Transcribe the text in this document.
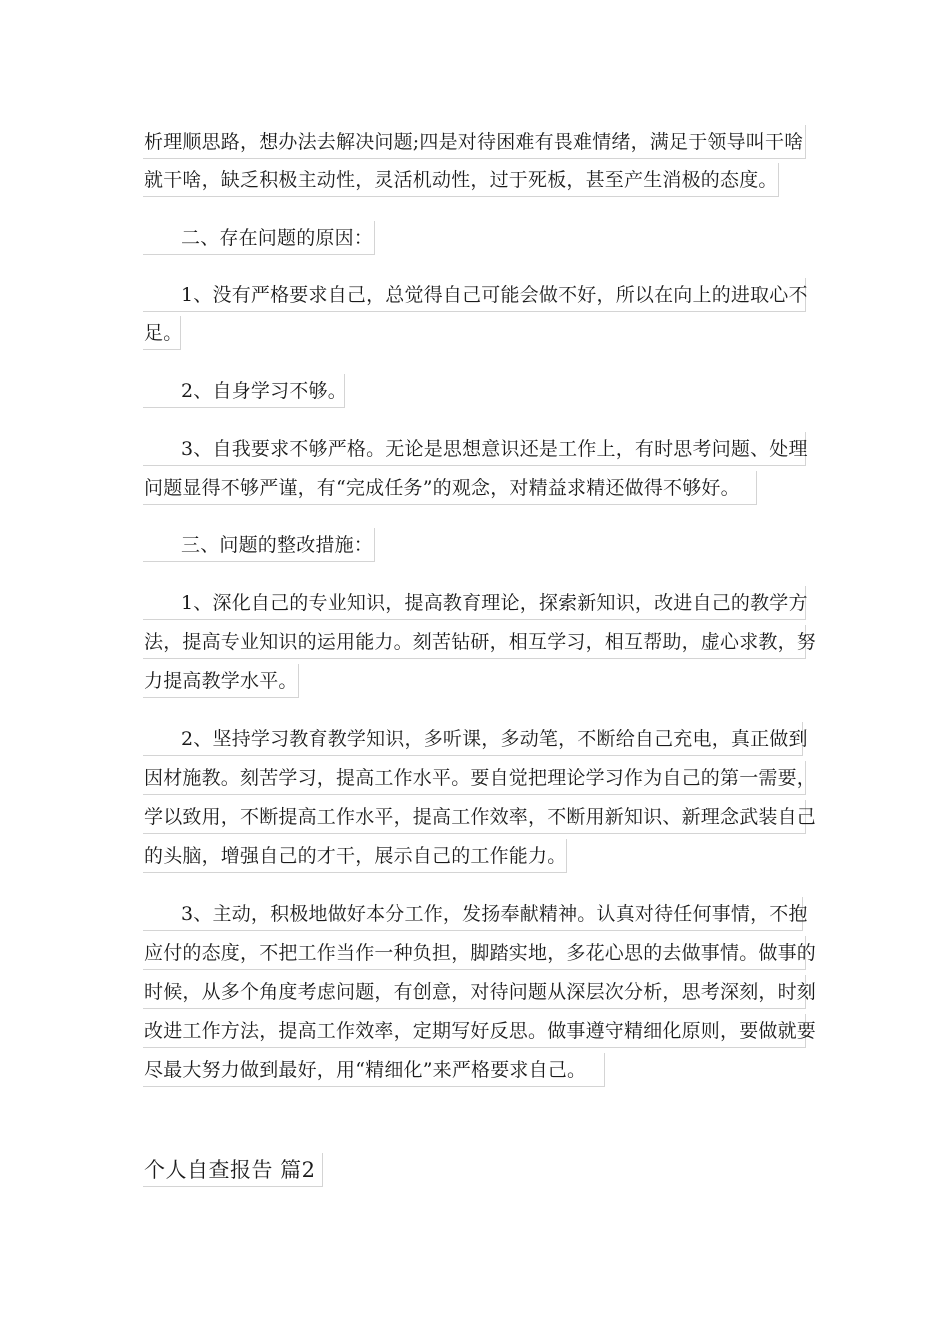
析理顺思路，想办法去解决问题;四是对待困难有畏难情绪，满足于领导叫干啥
就干啥，缺乏积极主动性，灵活机动性，过于死板，甚至产生消极的态度。
二、存在问题的原因：
1、没有严格要求自己，总觉得自己可能会做不好，所以在向上的进取心不
足。
2、自身学习不够。
3、自我要求不够严格。无论是思想意识还是工作上，有时思考问题、处理
问题显得不够严谨，有“完成任务”的观念，对精益求精还做得不够好。
三、问题的整改措施：
1、深化自己的专业知识，提高教育理论，探索新知识，改进自己的教学方
法，提高专业知识的运用能力。刻苦钻研，相互学习，相互帮助，虚心求教，努
力提高教学水平。
2、坚持学习教育教学知识，多听课，多动笔，不断给自己充电，真正做到
因材施教。刻苦学习，提高工作水平。要自觉把理论学习作为自己的第一需要，
学以致用，不断提高工作水平，提高工作效率，不断用新知识、新理念武装自己
的头脑，增强自己的才干，展示自己的工作能力。
3、主动，积极地做好本分工作，发扬奉献精神。认真对待任何事情，不抱
应付的态度，不把工作当作一种负担，脚踏实地，多花心思的去做事情。做事的
时候，从多个角度考虑问题，有创意，对待问题从深层次分析，思考深刻，时刻
改进工作方法，提高工作效率，定期写好反思。做事遵守精细化原则，要做就要
尽最大努力做到最好，用“精细化”来严格要求自己。
个人自查报告 篇2
